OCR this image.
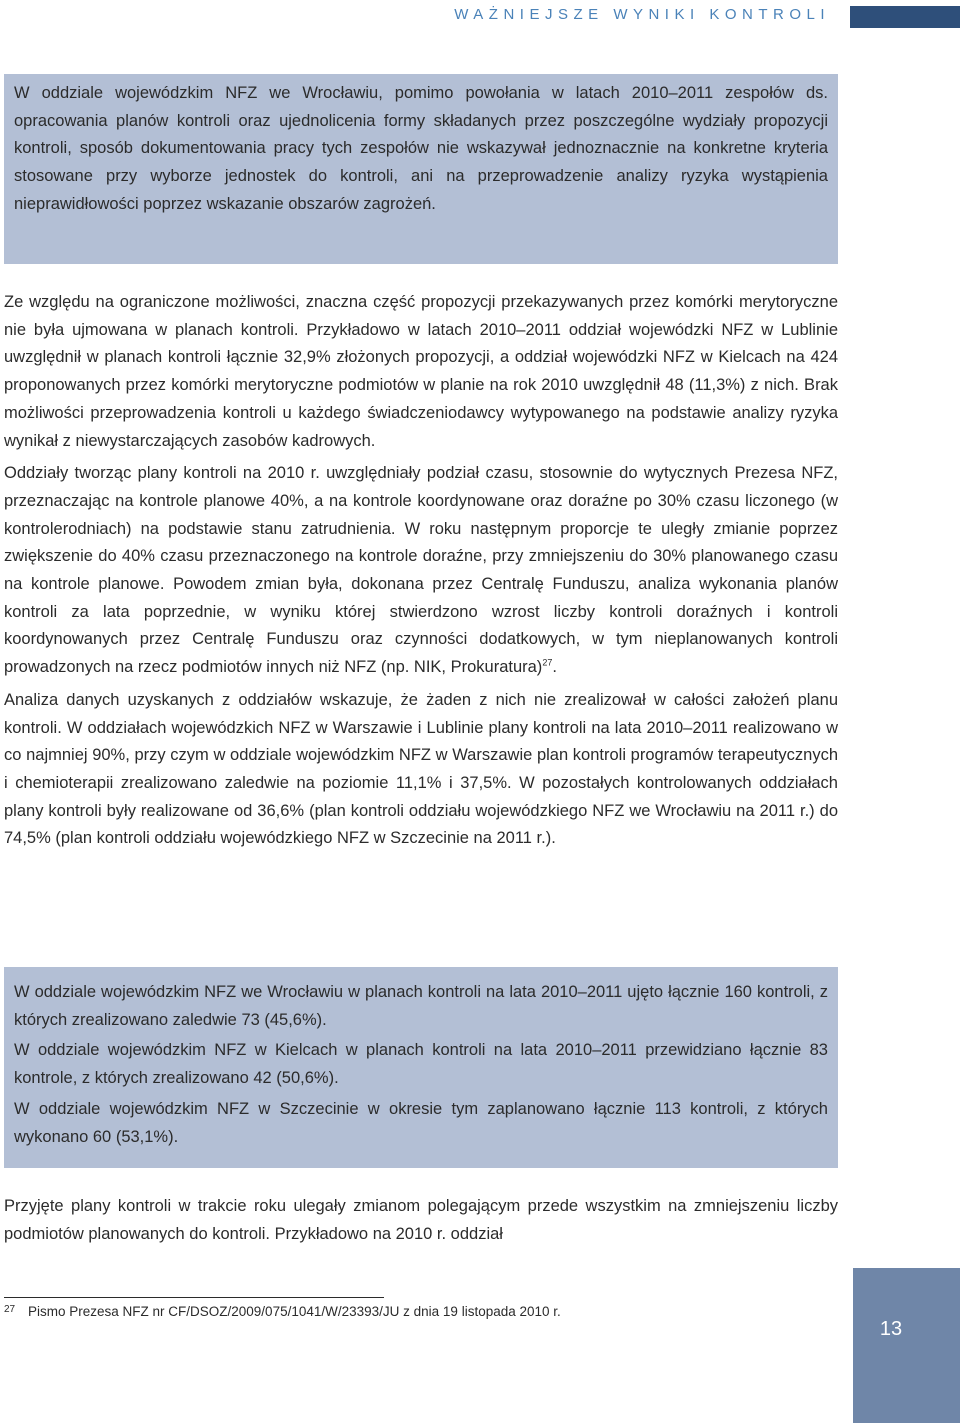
WAŻNIEJSZE WYNIKI KONTROLI

W oddziale wojewódzkim NFZ we Wrocławiu, pomimo powołania w latach 2010–2011 zespołów ds. opracowania planów kontroli oraz ujednolicenia formy składanych przez poszczególne wydziały propozycji kontroli, sposób dokumentowania pracy tych zespołów nie wskazywał jednoznacznie na konkretne kryteria stosowane przy wyborze jednostek do kontroli, ani na przeprowadzenie analizy ryzyka wystąpienia nieprawidłowości poprzez wskazanie obszarów zagrożeń.

Ze względu na ograniczone możliwości, znaczna część propozycji przekazywanych przez komórki merytoryczne nie była ujmowana w planach kontroli. Przykładowo w latach 2010–2011 oddział wojewódzki NFZ w Lublinie uwzględnił w planach kontroli łącznie 32,9% złożonych propozycji, a oddział wojewódzki NFZ w Kielcach na 424 proponowanych przez komórki merytoryczne podmiotów w planie na rok 2010 uwzględnił 48 (11,3%) z nich. Brak możliwości przeprowadzenia kontroli u każdego świadczeniodawcy wytypowanego na podstawie analizy ryzyka wynikał z niewystarczających zasobów kadrowych.

Oddziały tworząc plany kontroli na 2010 r. uwzględniały podział czasu, stosownie do wytycznych Prezesa NFZ, przeznaczając na kontrole planowe 40%, a na kontrole koordynowane oraz doraźne po 30% czasu liczonego (w kontrolerodniach) na podstawie stanu zatrudnienia. W roku następnym proporcje te uległy zmianie poprzez zwiększenie do 40% czasu przeznaczonego na kontrole doraźne, przy zmniejszeniu do 30% planowanego czasu na kontrole planowe. Powodem zmian była, dokonana przez Centralę Funduszu, analiza wykonania planów kontroli za lata poprzednie, w wyniku której stwierdzono wzrost liczby kontroli doraźnych i kontroli koordynowanych przez Centralę Funduszu oraz czynności dodatkowych, w tym nieplanowanych kontroli prowadzonych na rzecz podmiotów innych niż NFZ (np. NIK, Prokuratura)$^{27}$.

Analiza danych uzyskanych z oddziałów wskazuje, że żaden z nich nie zrealizował w całości założeń planu kontroli. W oddziałach wojewódzkich NFZ w Warszawie i Lublinie plany kontroli na lata 2010–2011 realizowano w co najmniej 90%, przy czym w oddziale wojewódzkim NFZ w Warszawie plan kontroli programów terapeutycznych i chemioterapii zrealizowano zaledwie na poziomie 11,1% i 37,5%. W pozostałych kontrolowanych oddziałach plany kontroli były realizowane od 36,6% (plan kontroli oddziału wojewódzkiego NFZ we Wrocławiu na 2011 r.) do 74,5% (plan kontroli oddziału wojewódzkiego NFZ w Szczecinie na 2011 r.).

W oddziale wojewódzkim NFZ we Wrocławiu w planach kontroli na lata 2010–2011 ujęto łącznie 160 kontroli, z których zrealizowano zaledwie 73 (45,6%).

W oddziale wojewódzkim NFZ w Kielcach w planach kontroli na lata 2010–2011 przewidziano łącznie 83 kontrole, z których zrealizowano 42 (50,6%).

W oddziale wojewódzkim NFZ w Szczecinie w okresie tym zaplanowano łącznie 113 kontroli, z których wykonano 60 (53,1%).

Przyjęte plany kontroli w trakcie roku ulegały zmianom polegającym przede wszystkim na zmniejszeniu liczby podmiotów planowanych do kontroli. Przykładowo na 2010 r. oddział

27 Pismo Prezesa NFZ nr CF/DSOZ/2009/075/1041/W/23393/JU z dnia 19 listopada 2010 r.
13
